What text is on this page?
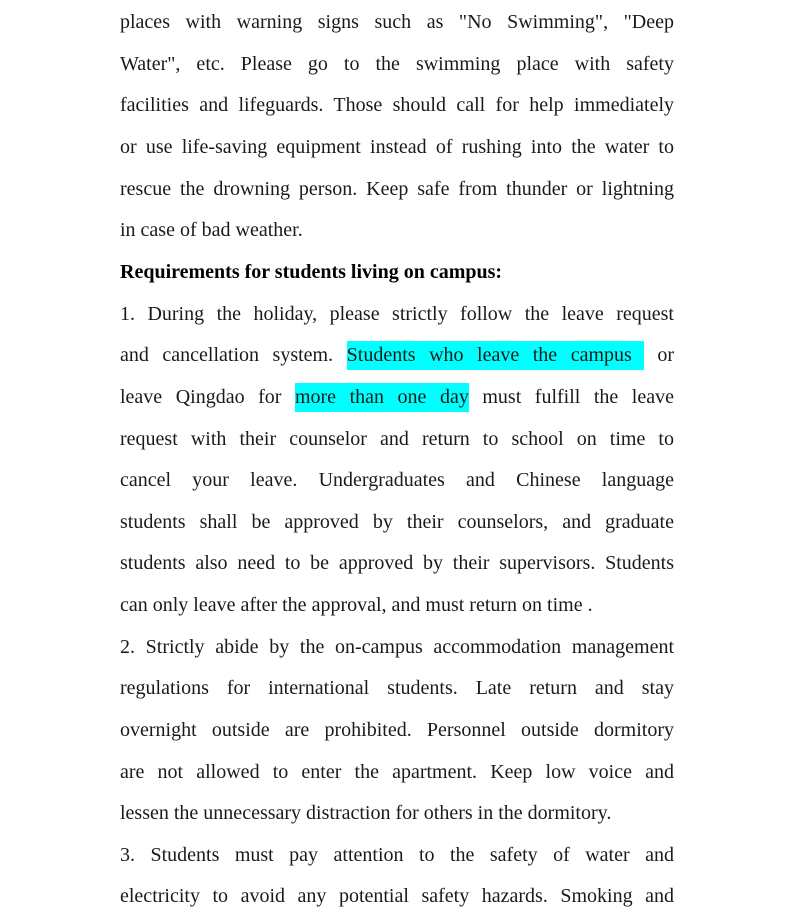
places with warning signs such as "No Swimming", "Deep
Water", etc. Please go to the swimming place with safety
facilities and lifeguards. Those should call for help immediately
or use life-saving equipment instead of rushing into the water to
rescue the drowning person. Keep safe from thunder or lightning
in case of bad weather.
Requirements for students living on campus:
1. During the holiday, please strictly follow the leave request
and cancellation system. Students who leave the campus or
leave Qingdao for more than one day must fulfill the leave
request with their counselor and return to school on time to
cancel your leave. Undergraduates and Chinese language
students shall be approved by their counselors, and graduate
students also need to be approved by their supervisors. Students
can only leave after the approval, and must return on time .
2. Strictly abide by the on-campus accommodation management
regulations for international students. Late return and stay
overnight outside are prohibited. Personnel outside dormitory
are not allowed to enter the apartment. Keep low voice and
lessen the unnecessary distraction for others in the dormitory.
3. Students must pay attention to the safety of water and
electricity to avoid any potential safety hazards. Smoking and
